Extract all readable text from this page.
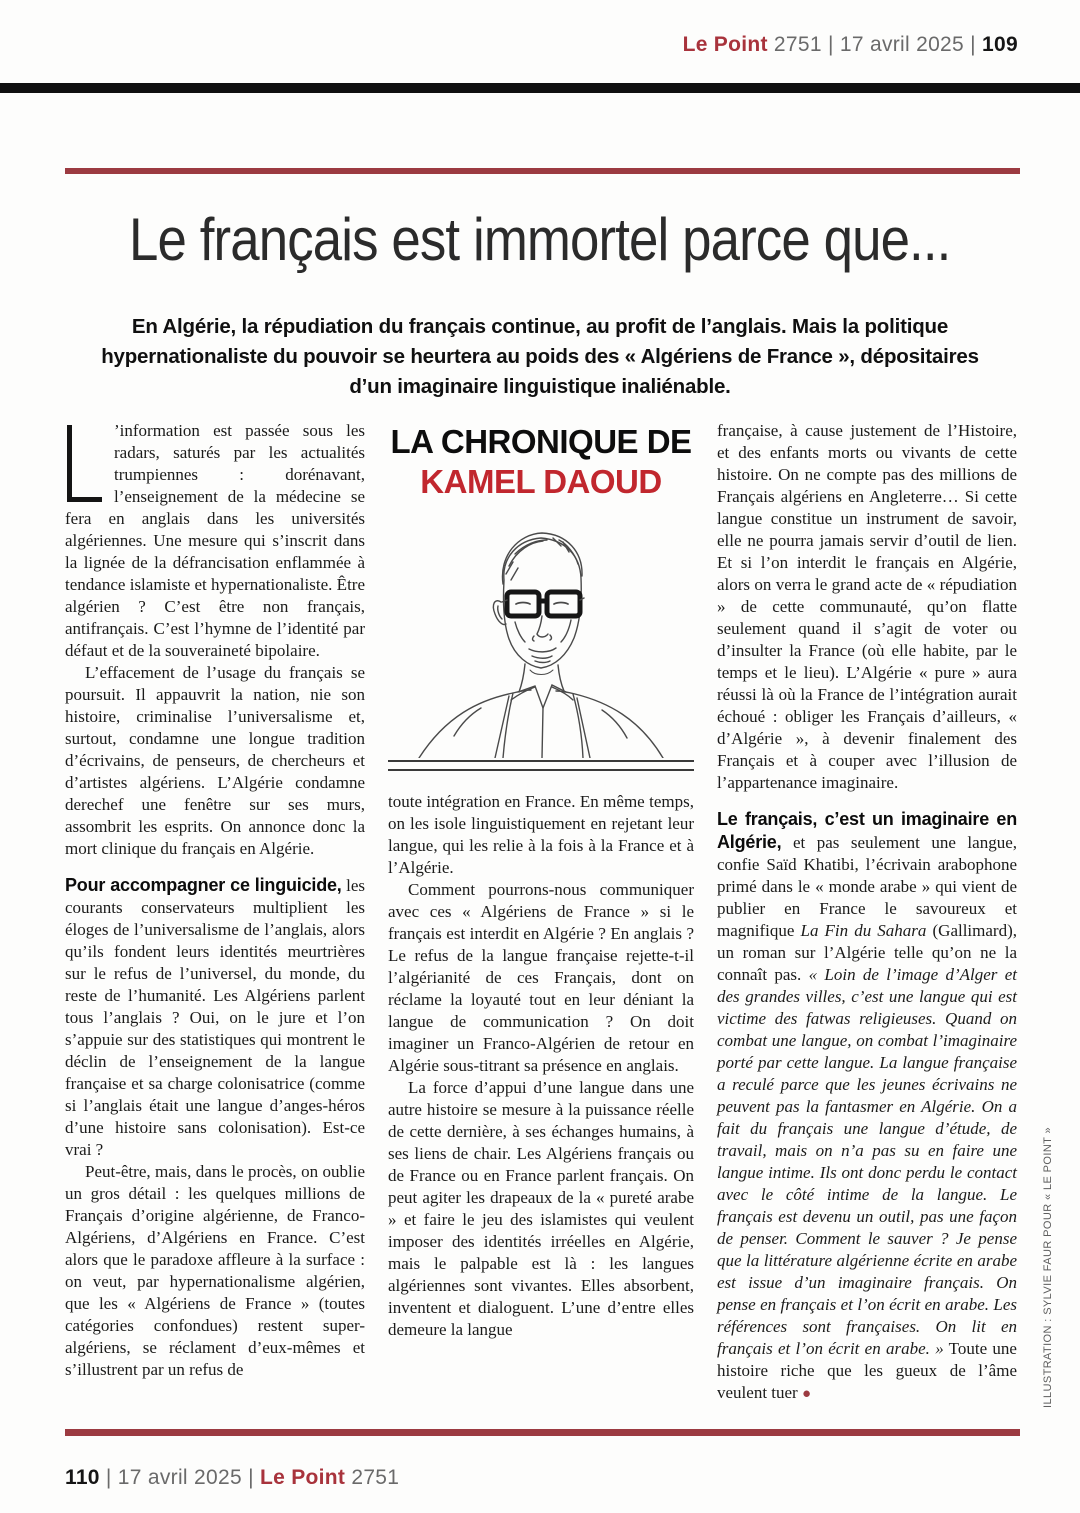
Le Point 2751 | 17 avril 2025 | 109
Le français est immortel parce que...

En Algérie, la répudiation du français continue, au profit de l’anglais. Mais la politique hypernationaliste du pouvoir se heurtera au poids des « Algériens de France », dépositaires d’un imaginaire linguistique inaliénable.

’information est passée sous les radars, saturés par les actualités trumpiennes : dorénavant, l’enseignement de la médecine se fera en anglais dans les universités algériennes. Une mesure qui s’inscrit dans la lignée de la défrancisation enflammée à tendance islamiste et hypernationaliste. Être algérien ? C’est être non français, antifrançais. C’est l’hymne de l’identité par défaut et de la souveraineté bipolaire.

L’effacement de l’usage du français se poursuit. Il appauvrit la nation, nie son histoire, criminalise l’universalisme et, surtout, condamne une longue tradition d’écrivains, de penseurs, de chercheurs et d’artistes algériens. L’Algérie condamne derechef une fenêtre sur ses murs, assombrit les esprits. On annonce donc la mort clinique du français en Algérie.

Pour accompagner ce linguicide, les courants conservateurs multiplient les éloges de l’universalisme de l’anglais, alors qu’ils fondent leurs identités meurtrières sur le refus de l’universel, du monde, du reste de l’humanité. Les Algériens parlent tous l’anglais ? Oui, on le jure et l’on s’appuie sur des statistiques qui montrent le déclin de l’enseignement de la langue française et sa charge colonisatrice (comme si l’anglais était une langue d’anges-héros d’une histoire sans colonisation). Est-ce vrai ?

Peut-être, mais, dans le procès, on oublie un gros détail : les quelques millions de Français d’origine algérienne, de Franco-Algériens, d’Algériens en France. C’est alors que le paradoxe affleure à la surface : on veut, par hypernationalisme algérien, que les « Algériens de France » (toutes catégories confondues) restent super-algériens, se réclament d’eux-mêmes et s’illustrent par un refus de

LA CHRONIQUE DE
KAMEL DAOUD

toute intégration en France. En même temps, on les isole linguistiquement en rejetant leur langue, qui les relie à la fois à la France et à l’Algérie.

Comment pourrons-nous communiquer avec ces « Algériens de France » si le français est interdit en Algérie ? En anglais ? Le refus de la langue française rejette-t-il l’algérianité de ces Français, dont on réclame la loyauté tout en leur déniant la langue de communication ? On doit imaginer un Franco-Algérien de retour en Algérie sous-titrant sa présence en anglais.

La force d’appui d’une langue dans une autre histoire se mesure à la puissance réelle de cette dernière, à ses échanges humains, à ses liens de chair. Les Algériens français ou de France ou en France parlent français. On peut agiter les drapeaux de la « pureté arabe » et faire le jeu des islamistes qui veulent imposer des identités irréelles en Algérie, mais le palpable est là : les langues algériennes sont vivantes. Elles absorbent, inventent et dialoguent. L’une d’entre elles demeure la langue

française, à cause justement de l’Histoire, et des enfants morts ou vivants de cette histoire. On ne compte pas des millions de Français algériens en Angleterre… Si cette langue constitue un instrument de savoir, elle ne pourra jamais servir d’outil de lien. Et si l’on interdit le français en Algérie, alors on verra le grand acte de « répudiation » de cette communauté, qu’on flatte seulement quand il s’agit de voter ou d’insulter la France (où elle habite, par le temps et le lieu). L’Algérie « pure » aura réussi là où la France de l’intégration aurait échoué : obliger les Français d’ailleurs, « d’Algérie », à devenir finalement des Français et à couper avec l’illusion de l’appartenance imaginaire.

Le français, c’est un imaginaire en Algérie, et pas seulement une langue, confie Saïd Khatibi, l’écrivain arabophone primé dans le « monde arabe » qui vient de publier en France le savoureux et magnifique La Fin du Sahara (Gallimard), un roman sur l’Algérie telle qu’on ne la connaît pas. « Loin de l’image d’Alger et des grandes villes, c’est une langue qui est victime des fatwas religieuses. Quand on combat une langue, on combat l’imaginaire porté par cette langue. La langue française a reculé parce que les jeunes écrivains ne peuvent pas la fantasmer en Algérie. On a fait du français une langue d’étude, de travail, mais on n’a pas su en faire une langue intime. Ils ont donc perdu le contact avec le côté intime de la langue. Le français est devenu un outil, pas une façon de penser. Comment le sauver ? Je pense que la littérature algérienne écrite en arabe est issue d’un imaginaire français. On pense en français et l’on écrit en arabe. Les références sont françaises. On lit en français et l’on écrit en arabe. » Toute une histoire riche que les gueux de l’âme veulent tuer ●	ILLUSTRATION : SYLVIE FAUR POUR « LE POINT »
110 | 17 avril 2025 | Le Point 2751
